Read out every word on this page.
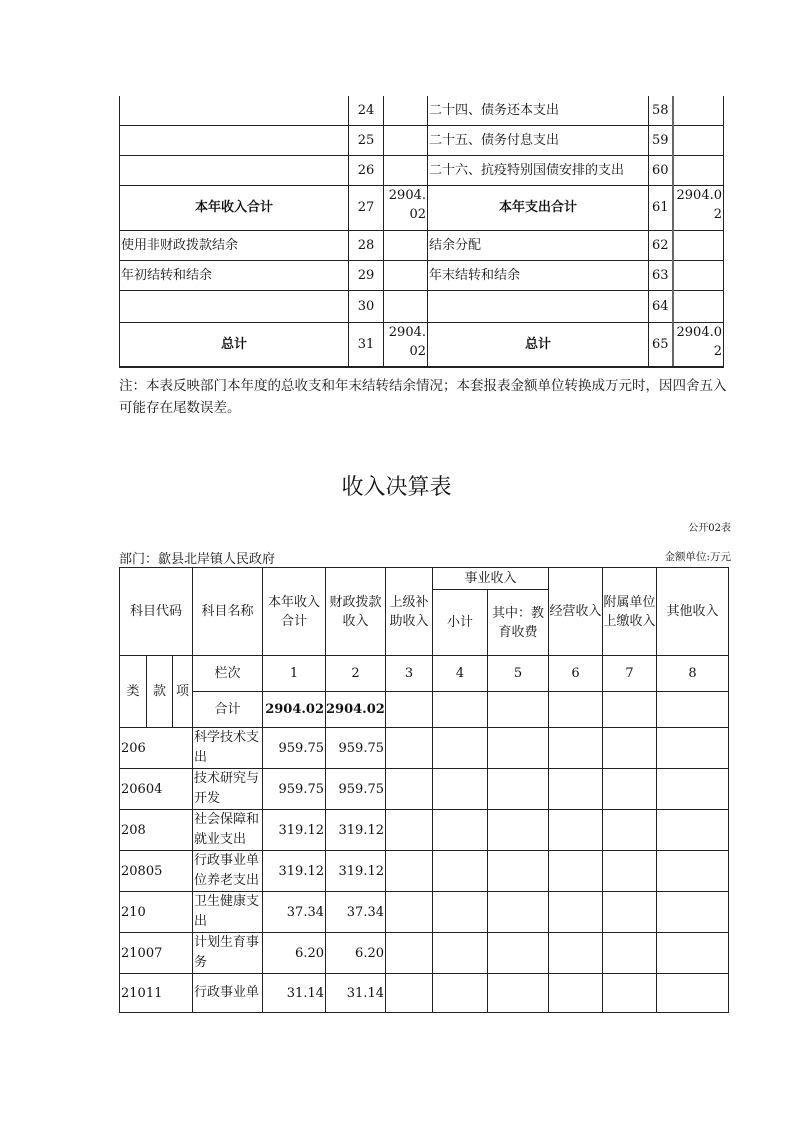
	24		二十四、债务还本支出	58	
	25		二十五、债务付息支出	59	
	26		二十六、抗疫特别国债安排的支出	60	
本年收入合计	27	2904.02	本年支出合计	61	2904.02
使用非财政拨款结余	28		结余分配	62	
年初结转和结余	29		年末结转和结余	63	
	30			64	
总计	31	2904.02	总计	65	2904.02
注：本表反映部门本年度的总收支和年末结转结余情况；本套报表金额单位转换成万元时，因四舍五入可能存在尾数误差。
收入决算表
公开02表
部门：歙县北岸镇人民政府	金额单位:万元
科目代码			科目名称	本年收入合计	财政拨款收入	上级补助收入	事业收入		经营收入	附属单位上缴收入	其他收入
							小计	其中：教育收费			
类	款	项	栏次	1	2	3	4	5	6	7	8
			合计	2904.02	2904.02						
206			科学技术支出	959.75	959.75						
20604			技术研究与开发	959.75	959.75						
208			社会保障和就业支出	319.12	319.12						
20805			行政事业单位养老支出	319.12	319.12						
210			卫生健康支出	37.34	37.34						
21007			计划生育事务	6.20	6.20						
21011			行政事业单	31.14	31.14						
